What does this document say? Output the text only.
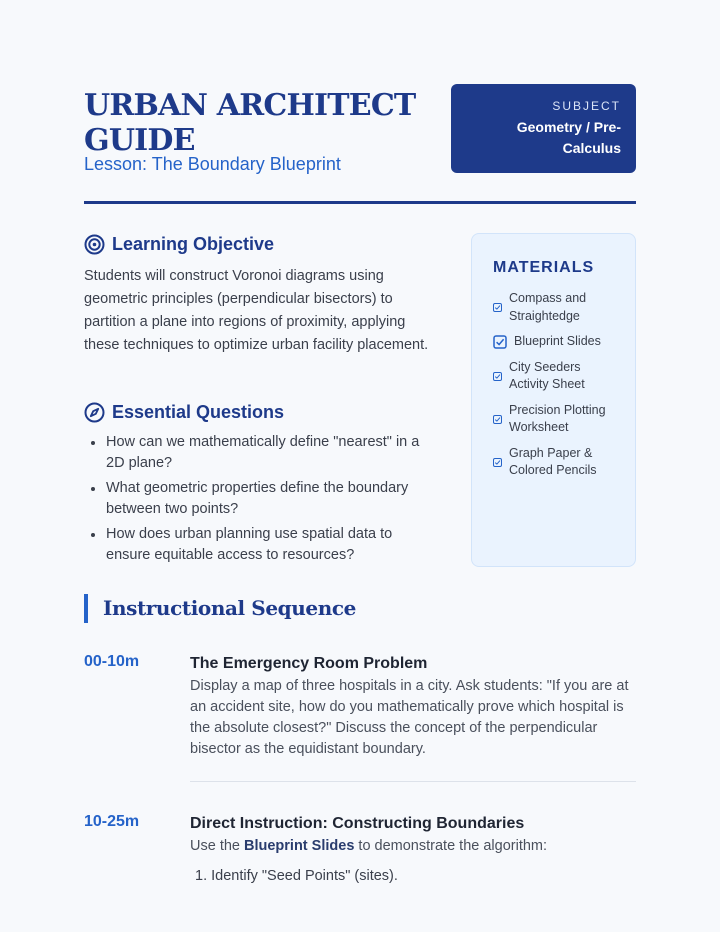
URBAN ARCHITECT GUIDE
Lesson: The Boundary Blueprint
SUBJECT
Geometry / Pre-Calculus
Learning Objective

Students will construct Voronoi diagrams using geometric principles (perpendicular bisectors) to partition a plane into regions of proximity, applying these techniques to optimize urban facility placement.

Essential Questions
How can we mathematically define "nearest" in a 2D plane?
What geometric properties define the boundary between two points?
How does urban planning use spatial data to ensure equitable access to resources?
MATERIALS
Compass and Straightedge
Blueprint Slides
City Seeders Activity Sheet
Precision Plotting Worksheet
Graph Paper & Colored Pencils
Instructional Sequence
00-10m	The Emergency Room Problem
Display a map of three hospitals in a city. Ask students: "If you are at an accident site, how do you mathematically prove which hospital is the absolute closest?" Discuss the concept of the perpendicular bisector as the equidistant boundary.
10-25m	Direct Instruction: Constructing Boundaries
Use the Blueprint Slides to demonstrate the algorithm:
1. Identify "Seed Points" (sites).
